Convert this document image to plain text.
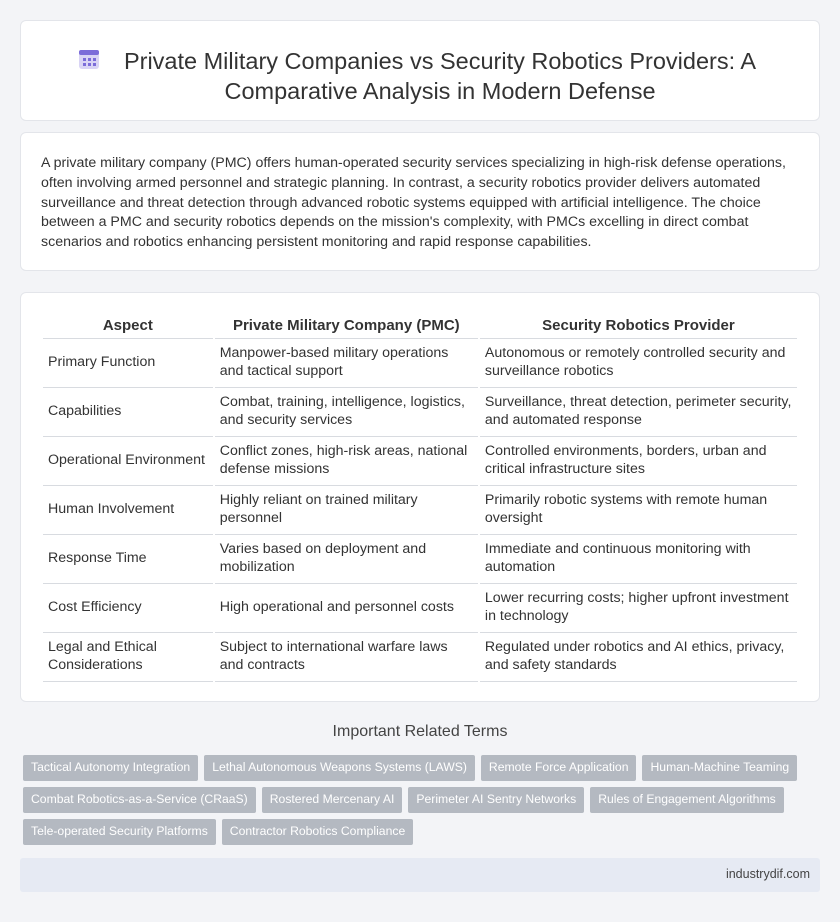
Private Military Companies vs Security Robotics Providers: A Comparative Analysis in Modern Defense

A private military company (PMC) offers human-operated security services specializing in high-risk defense operations, often involving armed personnel and strategic planning. In contrast, a security robotics provider delivers automated surveillance and threat detection through advanced robotic systems equipped with artificial intelligence. The choice between a PMC and security robotics depends on the mission's complexity, with PMCs excelling in direct combat scenarios and robotics enhancing persistent monitoring and rapid response capabilities.

Aspect	Private Military Company (PMC)	Security Robotics Provider
Primary Function	Manpower-based military operations and tactical support	Autonomous or remotely controlled security and surveillance robotics
Capabilities	Combat, training, intelligence, logistics, and security services	Surveillance, threat detection, perimeter security, and automated response
Operational Environment	Conflict zones, high-risk areas, national defense missions	Controlled environments, borders, urban and critical infrastructure sites
Human Involvement	Highly reliant on trained military personnel	Primarily robotic systems with remote human oversight
Response Time	Varies based on deployment and mobilization	Immediate and continuous monitoring with automation
Cost Efficiency	High operational and personnel costs	Lower recurring costs; higher upfront investment in technology
Legal and Ethical Considerations	Subject to international warfare laws and contracts	Regulated under robotics and AI ethics, privacy, and safety standards
Important Related Terms
Tactical Autonomy Integration	Lethal Autonomous Weapons Systems (LAWS)	Remote Force Application	Human-Machine Teaming
Combat Robotics-as-a-Service (CRaaS)	Rostered Mercenary AI	Perimeter AI Sentry Networks	Rules of Engagement Algorithms
Tele-operated Security Platforms	Contractor Robotics Compliance
industrydif.com
